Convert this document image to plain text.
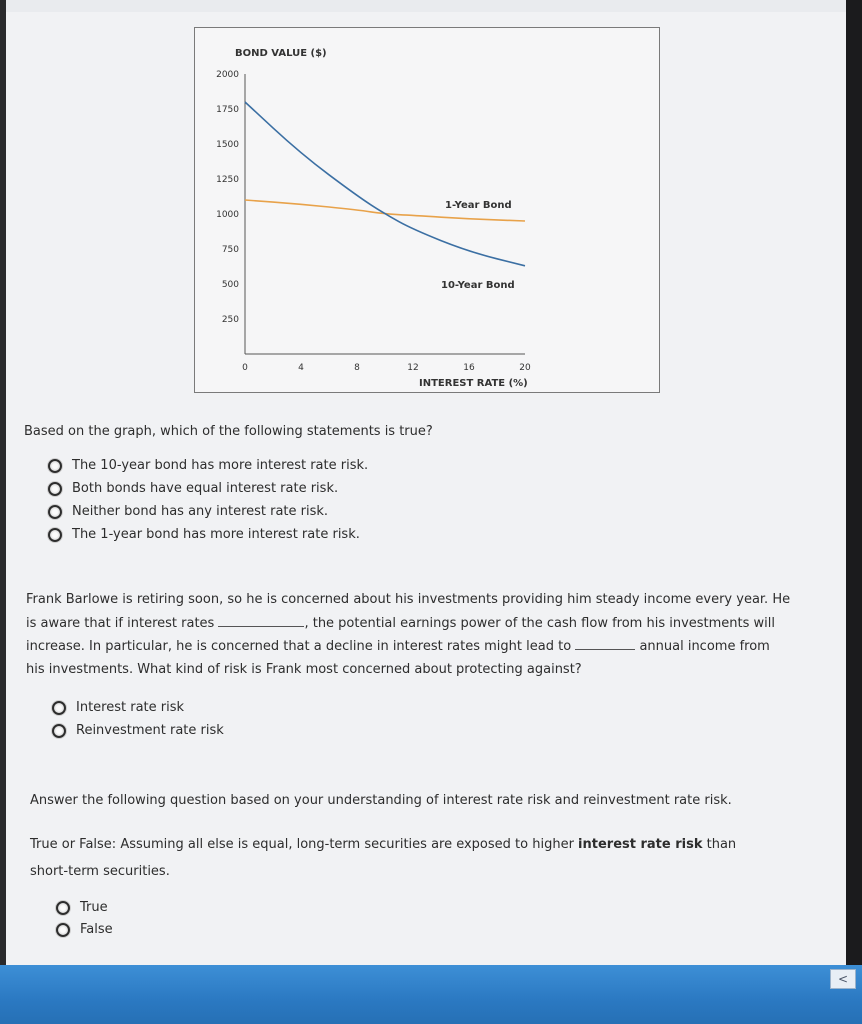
BOND VALUE ($)
2000
1750
1500
1250
1000
750
500
250
0	4	8	12	16	20
1-Year Bond
10-Year Bond
INTEREST RATE (%)
Based on the graph, which of the following statements is true?
The 10-year bond has more interest rate risk.
Both bonds have equal interest rate risk.
Neither bond has any interest rate risk.
The 1-year bond has more interest rate risk.
Frank Barlowe is retiring soon, so he is concerned about his investments providing him steady income every year. He
is aware that if interest rates	, the potential earnings power of the cash flow from his investments will
increase. In particular, he is concerned that a decline in interest rates might lead to	annual income from
his investments. What kind of risk is Frank most concerned about protecting against?
Interest rate risk
Reinvestment rate risk
Answer the following question based on your understanding of interest rate risk and reinvestment rate risk.
True or False: Assuming all else is equal, long-term securities are exposed to higher interest rate risk than
short-term securities.
True
False
<
